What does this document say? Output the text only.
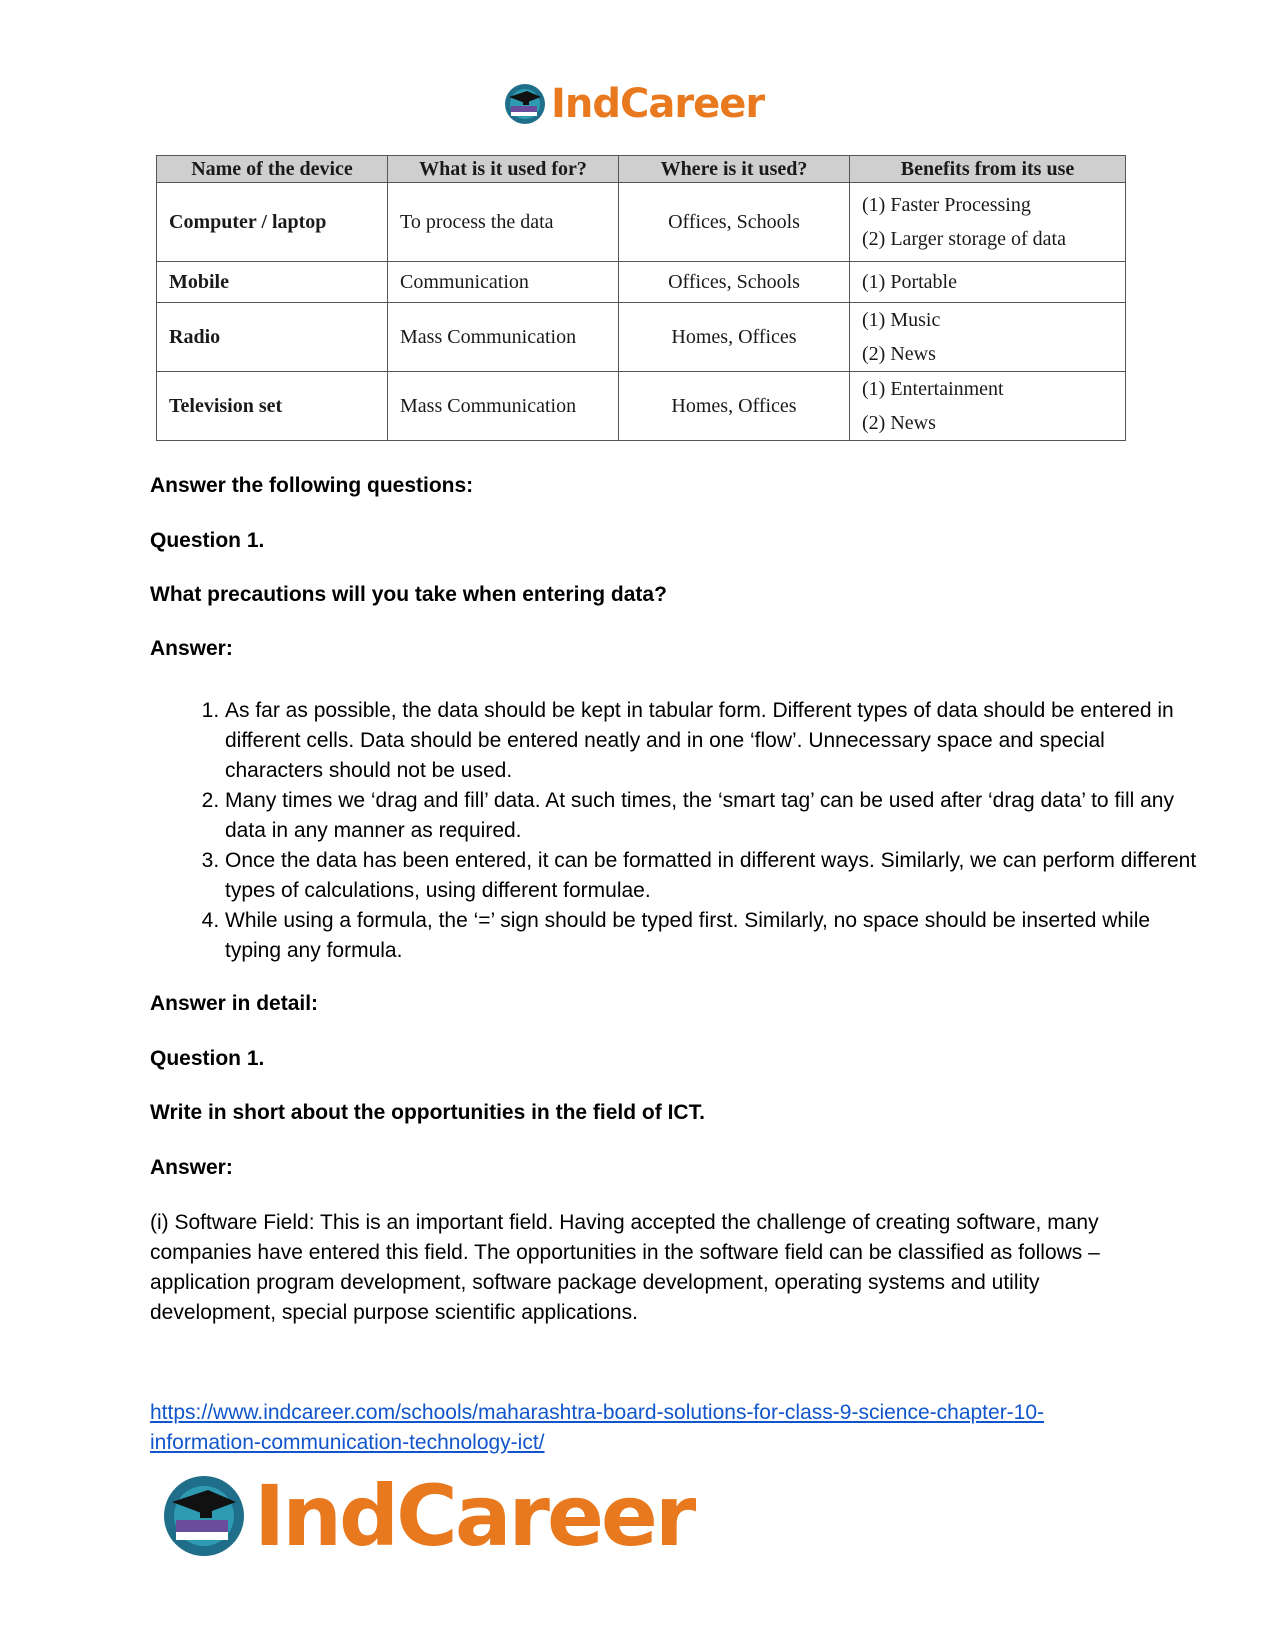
IndCareer
Name of the device	What is it used for?	Where is it used?	Benefits from its use
Computer / laptop	To process the data	Offices, Schools	(1) Faster Processing
(2) Larger storage of data

Mobile	Communication	Offices, Schools	(1) Portable

Radio	Mass Communication	Homes, Offices	(1) Music
(2) News

Television set	Mass Communication	Homes, Offices	(1) Entertainment
(2) News
Answer the following questions:
Question 1.
What precautions will you take when entering data?
Answer:
1. As far as possible, the data should be kept in tabular form. Different types of data should be entered in different cells. Data should be entered neatly and in one ‘flow’. Unnecessary space and special characters should not be used.
2. Many times we ‘drag and fill’ data. At such times, the ‘smart tag’ can be used after ‘drag data’ to fill any data in any manner as required.
3. Once the data has been entered, it can be formatted in different ways. Similarly, we can perform different types of calculations, using different formulae.
4. While using a formula, the ‘=’ sign should be typed first. Similarly, no space should be inserted while typing any formula.
Answer in detail:
Question 1.
Write in short about the opportunities in the field of ICT.
Answer:
(i) Software Field: This is an important field. Having accepted the challenge of creating software, many companies have entered this field. The opportunities in the software field can be classified as follows – application program development, software package development, operating systems and utility development, special purpose scientific applications.
https://www.indcareer.com/schools/maharashtra-board-solutions-for-class-9-science-chapter-10-
information-communication-technology-ict/
IndCareer
